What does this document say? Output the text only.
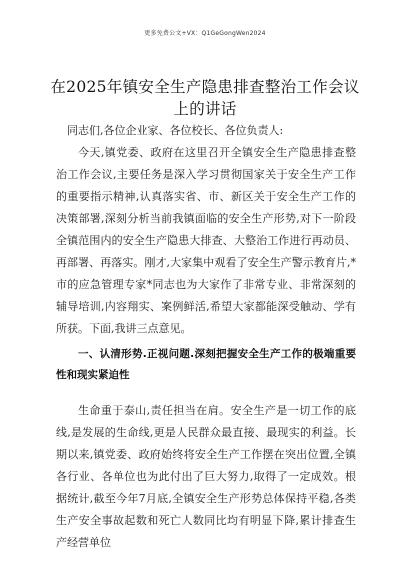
更多免费公文+VX：Q1GeGongWen2024
在2025年镇安全生产隐患排查整治工作会议上的讲话
同志们,各位企业家、各位校长、各位负责人:
今天,镇党委、政府在这里召开全镇安全生产隐患排查整治工作会议,主要任务是深入学习贯彻国家关于安全生产工作的重要指示精神,认真落实省、市、新区关于安全生产工作的决策部署,深刻分析当前我镇面临的安全生产形势,对下一阶段全镇范围内的安全生产隐患大排查、大整治工作进行再动员、再部署、再落实。刚才,大家集中观看了安全生产警示教育片,*市的应急管理专家*同志也为大家作了非常专业、非常深刻的辅导培训,内容翔实、案例鲜活,希望大家都能深受触动、学有所获。下面,我讲三点意见。
一、认清形势.正视问题.深刻把握安全生产工作的极端重要性和现实紧迫性
生命重于泰山,责任担当在肩。安全生产是一切工作的底线,是发展的生命线,更是人民群众最直接、最现实的利益。长期以来,镇党委、政府始终将安全生产工作摆在突出位置,全镇各行业、各单位也为此付出了巨大努力,取得了一定成效。根据统计,截至今年7月底,全镇安全生产形势总体保持平稳,各类生产安全事故起数和死亡人数同比均有明显下降,累计排查生产经营单位
